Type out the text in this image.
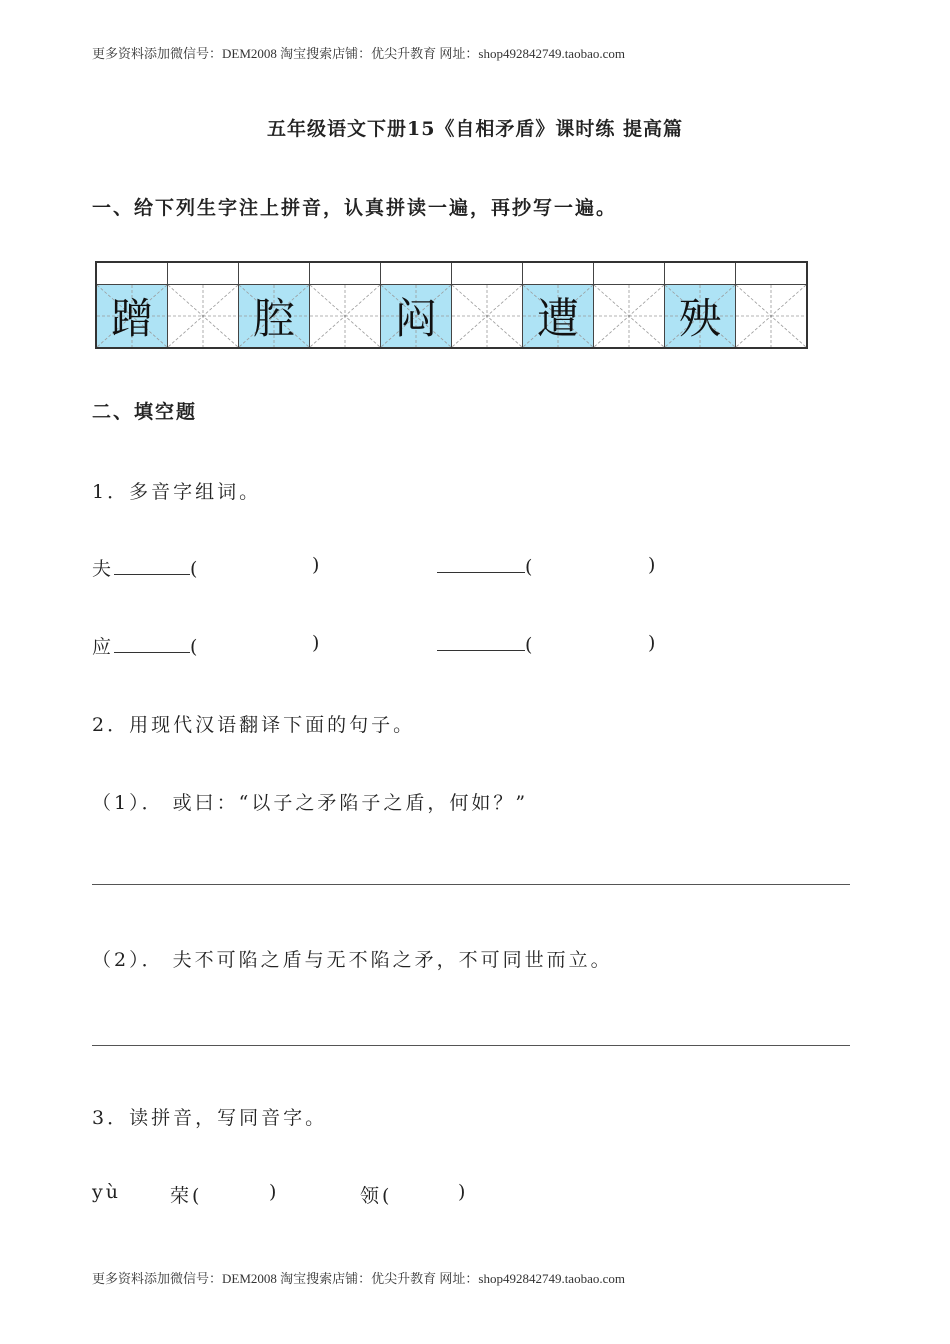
更多资料添加微信号：DEM2008 淘宝搜索店铺：优尖升教育 网址：shop492842749.taobao.com
五年级语文下册15《自相矛盾》课时练 提高篇
一、给下列生字注上拼音，认真拼读一遍，再抄写一遍。
蹭	腔	闷	遭	殃
二、填空题
1．多音字组词。
夫	(	)	(	)
应	(	)	(	)
2．用现代汉语翻译下面的句子。
（1）． 或曰：“以子之矛陷子之盾，何如？”
（2）． 夫不可陷之盾与无不陷之矛，不可同世而立。
3．读拼音，写同音字。
yù	荣(	)	领(	)
更多资料添加微信号：DEM2008 淘宝搜索店铺：优尖升教育 网址：shop492842749.taobao.com
